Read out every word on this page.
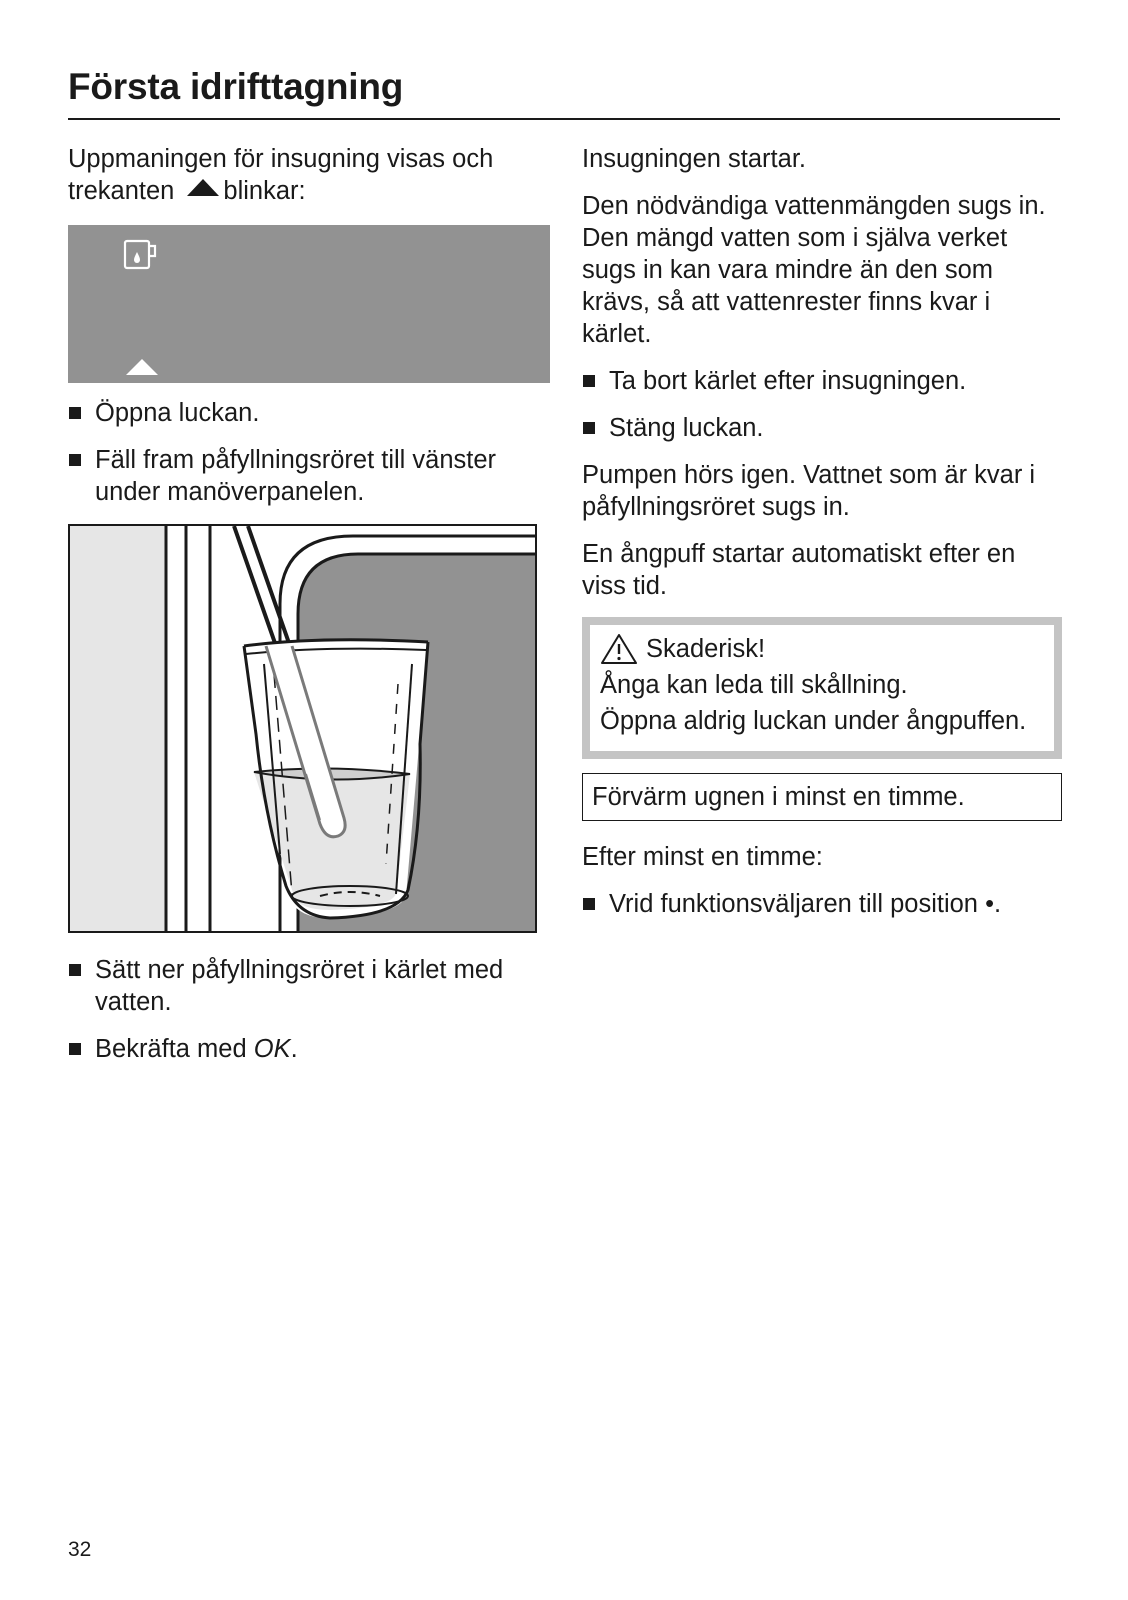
Första idrifttagning

Uppmaningen för insugning visas och trekanten blinkar:

Öppna luckan.
Fäll fram påfyllningsröret till vänster under manöverpanelen.
Sätt ner påfyllningsröret i kärlet med vatten.
Bekräfta med OK.

Insugningen startar.

Den nödvändiga vattenmängden sugs in. Den mängd vatten som i själva verket sugs in kan vara mindre än den som krävs, så att vattenrester finns kvar i kärlet.

Ta bort kärlet efter insugningen.
Stäng luckan.

Pumpen hörs igen. Vattnet som är kvar i påfyllningsröret sugs in.

En ångpuff startar automatiskt efter en viss tid.

Skaderisk!

Ånga kan leda till skållning.

Öppna aldrig luckan under ångpuffen.

Förvärm ugnen i minst en timme.

Efter minst en timme:

Vrid funktionsväljaren till position •.
32
